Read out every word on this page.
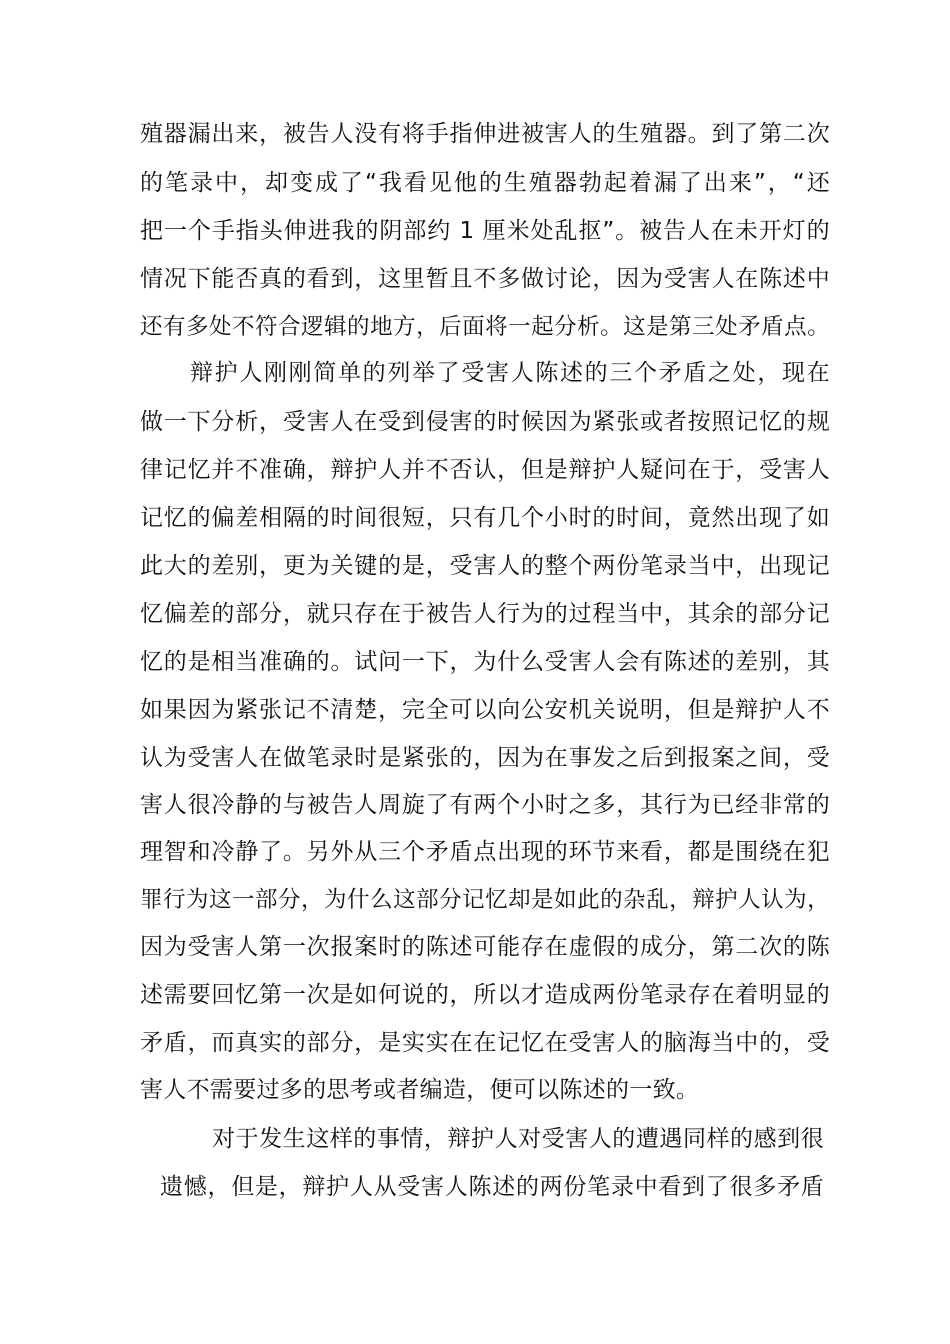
殖器漏出来，被告人没有将手指伸进被害人的生殖器。到了第二次
的笔录中，却变成了“我看见他的生殖器勃起着漏了出来”，“还
把一个手指头伸进我的阴部约 1 厘米处乱抠”。被告人在未开灯的
情况下能否真的看到，这里暂且不多做讨论，因为受害人在陈述中
还有多处不符合逻辑的地方，后面将一起分析。这是第三处矛盾点。
辩护人刚刚简单的列举了受害人陈述的三个矛盾之处，现在
做一下分析，受害人在受到侵害的时候因为紧张或者按照记忆的规
律记忆并不准确，辩护人并不否认，但是辩护人疑问在于，受害人
记忆的偏差相隔的时间很短，只有几个小时的时间，竟然出现了如
此大的差别，更为关键的是，受害人的整个两份笔录当中，出现记
忆偏差的部分，就只存在于被告人行为的过程当中，其余的部分记
忆的是相当准确的。试问一下，为什么受害人会有陈述的差别，其
如果因为紧张记不清楚，完全可以向公安机关说明，但是辩护人不
认为受害人在做笔录时是紧张的，因为在事发之后到报案之间，受
害人很冷静的与被告人周旋了有两个小时之多，其行为已经非常的
理智和冷静了。另外从三个矛盾点出现的环节来看，都是围绕在犯
罪行为这一部分，为什么这部分记忆却是如此的杂乱，辩护人认为，
因为受害人第一次报案时的陈述可能存在虚假的成分，第二次的陈
述需要回忆第一次是如何说的，所以才造成两份笔录存在着明显的
矛盾，而真实的部分，是实实在在记忆在受害人的脑海当中的，受
害人不需要过多的思考或者编造，便可以陈述的一致。
对于发生这样的事情，辩护人对受害人的遭遇同样的感到很
遗憾，但是，辩护人从受害人陈述的两份笔录中看到了很多矛盾
